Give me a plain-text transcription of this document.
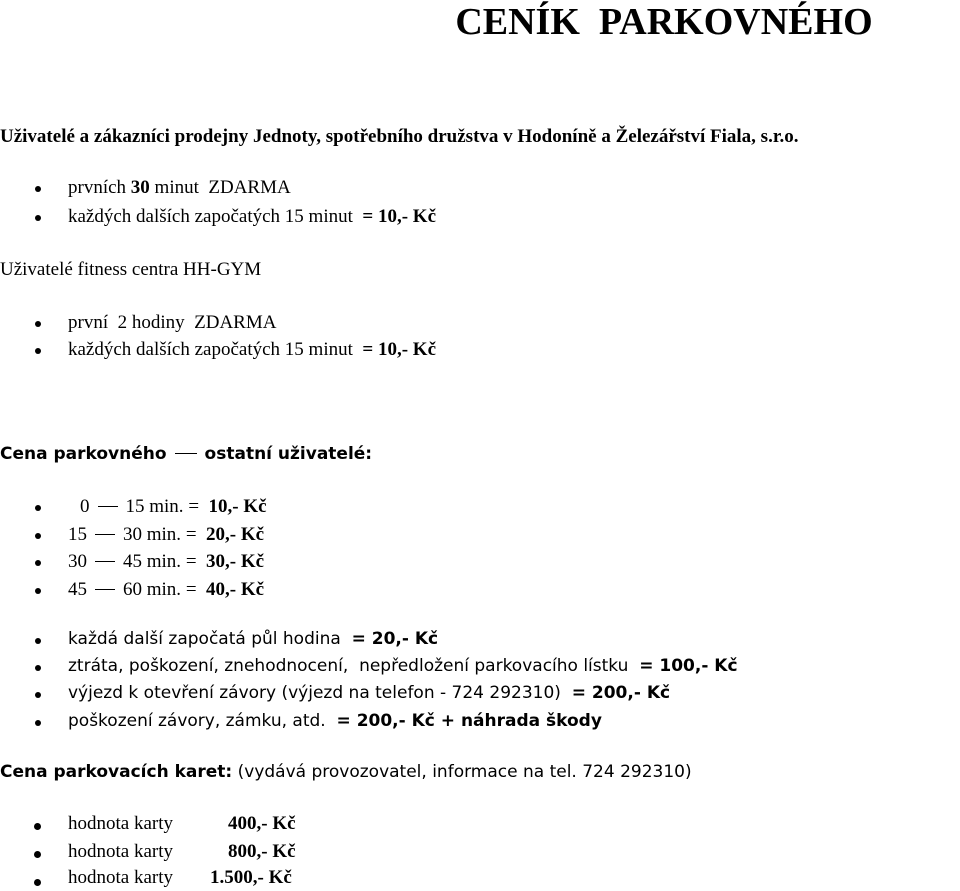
CENÍK  PARKOVNÉHO
Uživatelé a zákazníci prodejny Jednoty, spotřebního družstva v Hodoníně a Železářství Fiala, s.r.o.
prvních 30 minut  ZDARMA
každých dalších započatých 15 minut  = 10,- Kč
Uživatelé fitness centra HH-GYM
první  2 hodiny  ZDARMA
každých dalších započatých 15 minut  = 10,- Kč
Cena parkovného ostatní uživatelé:
0 15 min. = 10,- Kč
15 30 min. = 20,- Kč
30 45 min. = 30,- Kč
45 60 min. = 40,- Kč
každá další započatá půl hodina  = 20,- Kč
ztráta, poškození, znehodnocení,  nepředložení parkovacího lístku  = 100,- Kč
výjezd k otevření závory (výjezd na telefon - 724 292310)  = 200,- Kč
poškození závory, zámku, atd.  = 200,- Kč + náhrada škody
Cena parkovacích karet: (vydává provozovatel, informace na tel. 724 292310)
hodnota karty	400,- Kč
hodnota karty	800,- Kč
hodnota karty 1.500,- Kč
